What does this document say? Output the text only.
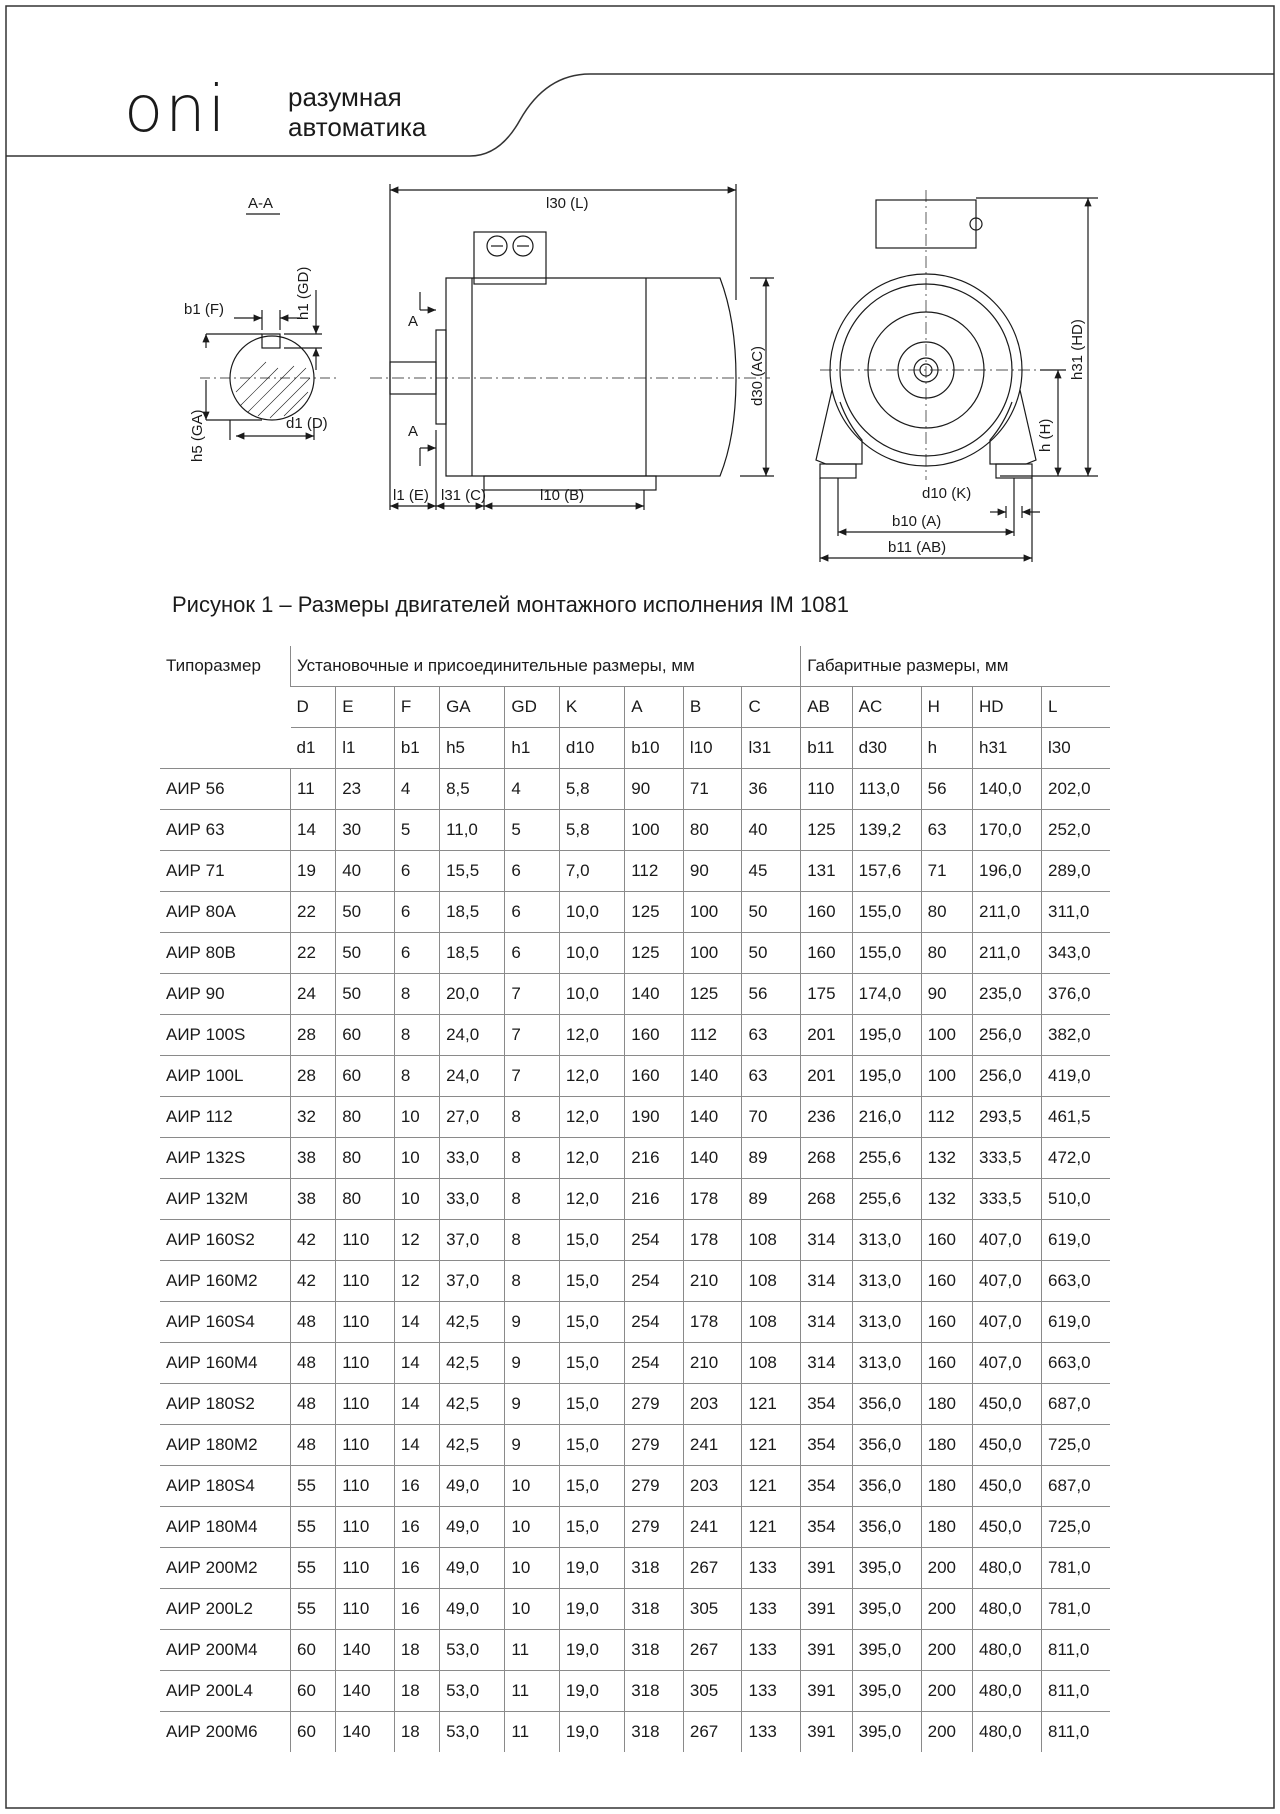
oni разумная
автоматика
A-A
b1 (F)	h1 (GD)
h5 (GA)	d1 (D)
l30 (L)
A
A
d30 (AC)
l1 (E) l31 (C)	l10 (B)
h31 (HD)
h (H)
d10 (K)
b10 (A)
b11 (AB)
Рисунок 1 – Размеры двигателей монтажного исполнения IM 1081
Типоразмер	Установочные и присоединительные размеры, мм									Габаритные размеры, мм				
	D	E	F	GA	GD	K	A	B	C	AB	AC	H	HD	L
	d1	l1	b1	h5	h1	d10	b10	l10	l31	b11	d30	h	h31	l30
АИР 56	11	23	4	8,5	4	5,8	90	71	36	110	113,0	56	140,0	202,0
АИР 63	14	30	5	11,0	5	5,8	100	80	40	125	139,2	63	170,0	252,0
АИР 71	19	40	6	15,5	6	7,0	112	90	45	131	157,6	71	196,0	289,0
АИР 80A	22	50	6	18,5	6	10,0	125	100	50	160	155,0	80	211,0	311,0
АИР 80B	22	50	6	18,5	6	10,0	125	100	50	160	155,0	80	211,0	343,0
АИР 90	24	50	8	20,0	7	10,0	140	125	56	175	174,0	90	235,0	376,0
АИР 100S	28	60	8	24,0	7	12,0	160	112	63	201	195,0	100	256,0	382,0
АИР 100L	28	60	8	24,0	7	12,0	160	140	63	201	195,0	100	256,0	419,0
АИР 112	32	80	10	27,0	8	12,0	190	140	70	236	216,0	112	293,5	461,5
АИР 132S	38	80	10	33,0	8	12,0	216	140	89	268	255,6	132	333,5	472,0
АИР 132M	38	80	10	33,0	8	12,0	216	178	89	268	255,6	132	333,5	510,0
АИР 160S2	42	110	12	37,0	8	15,0	254	178	108	314	313,0	160	407,0	619,0
АИР 160M2	42	110	12	37,0	8	15,0	254	210	108	314	313,0	160	407,0	663,0
АИР 160S4	48	110	14	42,5	9	15,0	254	178	108	314	313,0	160	407,0	619,0
АИР 160M4	48	110	14	42,5	9	15,0	254	210	108	314	313,0	160	407,0	663,0
АИР 180S2	48	110	14	42,5	9	15,0	279	203	121	354	356,0	180	450,0	687,0
АИР 180M2	48	110	14	42,5	9	15,0	279	241	121	354	356,0	180	450,0	725,0
АИР 180S4	55	110	16	49,0	10	15,0	279	203	121	354	356,0	180	450,0	687,0
АИР 180M4	55	110	16	49,0	10	15,0	279	241	121	354	356,0	180	450,0	725,0
АИР 200M2	55	110	16	49,0	10	19,0	318	267	133	391	395,0	200	480,0	781,0
АИР 200L2	55	110	16	49,0	10	19,0	318	305	133	391	395,0	200	480,0	781,0
АИР 200M4	60	140	18	53,0	11	19,0	318	267	133	391	395,0	200	480,0	811,0
АИР 200L4	60	140	18	53,0	11	19,0	318	305	133	391	395,0	200	480,0	811,0
АИР 200M6	60	140	18	53,0	11	19,0	318	267	133	391	395,0	200	480,0	811,0
